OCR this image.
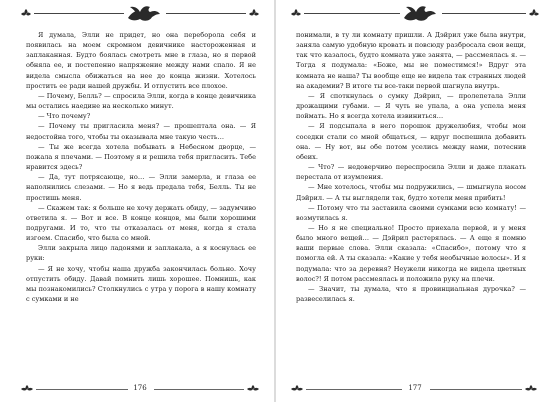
Я думала, Элли не придет, но она переборола себя и появилась на моем скромном девичнике настороженная и заплаканная. Будто боялась смотреть мне в глаза, но я первой обняла ее, и постепенно напряжение между нами спало. Я не видела смысла обижаться на нее до конца жизни. Хотелось простить ее ради нашей дружбы. И отпустить все плохое.

— Почему, Белль? — спросила Элли, когда в конце девичника мы остались наедине на несколько минут.

— Что почему?

— Почему ты пригласила меня? — прошептала она. — Я недостойна того, чтобы ты оказывала мне такую честь…

— Ты же всегда хотела побывать в Небесном дворце, — пожала я плечами. — Поэтому я и решила тебя пригласить. Тебе нравится здесь?

— Да, тут потрясающе, но… — Элли замерла, и глаза ее наполнились слезами. — Но я ведь предала тебя, Белль. Ты не простишь меня.

— Скажем так: я больше не хочу держать обиду, — задумчиво ответила я. — Вот и все. В конце концов, мы были хорошими подругами. И то, что ты отказалась от меня, когда я стала изгоем. Спасибо, что была со мной.

Элли закрыла лицо ладонями и заплакала, а я коснулась ее руки:

— Я не хочу, чтобы наша дружба закончилась больно. Хочу отпустить обиду. Давай помнить лишь хорошее. Помнишь, как мы познакомились? Столкнулись с утра у порога в нашу комнату с сумками и не

176

понимали, в ту ли комнату пришли. А Дэйрил уже была внутри, заняла самую удобную кровать и повсюду разбросала свои вещи, так что казалось, будто комната уже занята, — рассмеялась я. — Тогда я подумала: «Боже, мы не поместимся!» Вдруг эта комната не наша? Ты вообще еще не видела так странных людей на академии? В итоге ты все-таки первой шагнула внутрь.

— Я споткнулась о сумку Дэйрил, — пролепетала Элли дрожащими губами. — Я чуть не упала, а она успела меня поймать. Но я всегда хотела извиниться…

— Я подсыпала в него порошок дружелюбия, чтобы мои соседки стали со мной общаться, — вдруг поспешила добавить она. — Ну вот, вы обе потом уселись между нами, потеснив обеих.

— Что? — недоверчиво переспросила Элли и даже плакать перестала от изумления.

— Мне хотелось, чтобы мы подружились, — шмыгнула носом Дэйрил. — А ты выглядели так, будто хотели меня прибить!

— Потому что ты заставила своими сумками всю комнату! — возмутилась я.

— Но я не специально! Просто приехала первой, и у меня было много вещей… — Дэйрил растерялась. — А еще я помню ваши первые слова. Элли сказала: «Спасибо», потому что я помогла ей. А ты сказала: «Какие у тебя необычные волосы». И я подумала: что за деревня? Неужели никогда не видела цветных волос?! Я потом рассмеялась и положила руку на плечи.

— Значит, ты думала, что я провинциальная дурочка? — развеселилась я.

177
